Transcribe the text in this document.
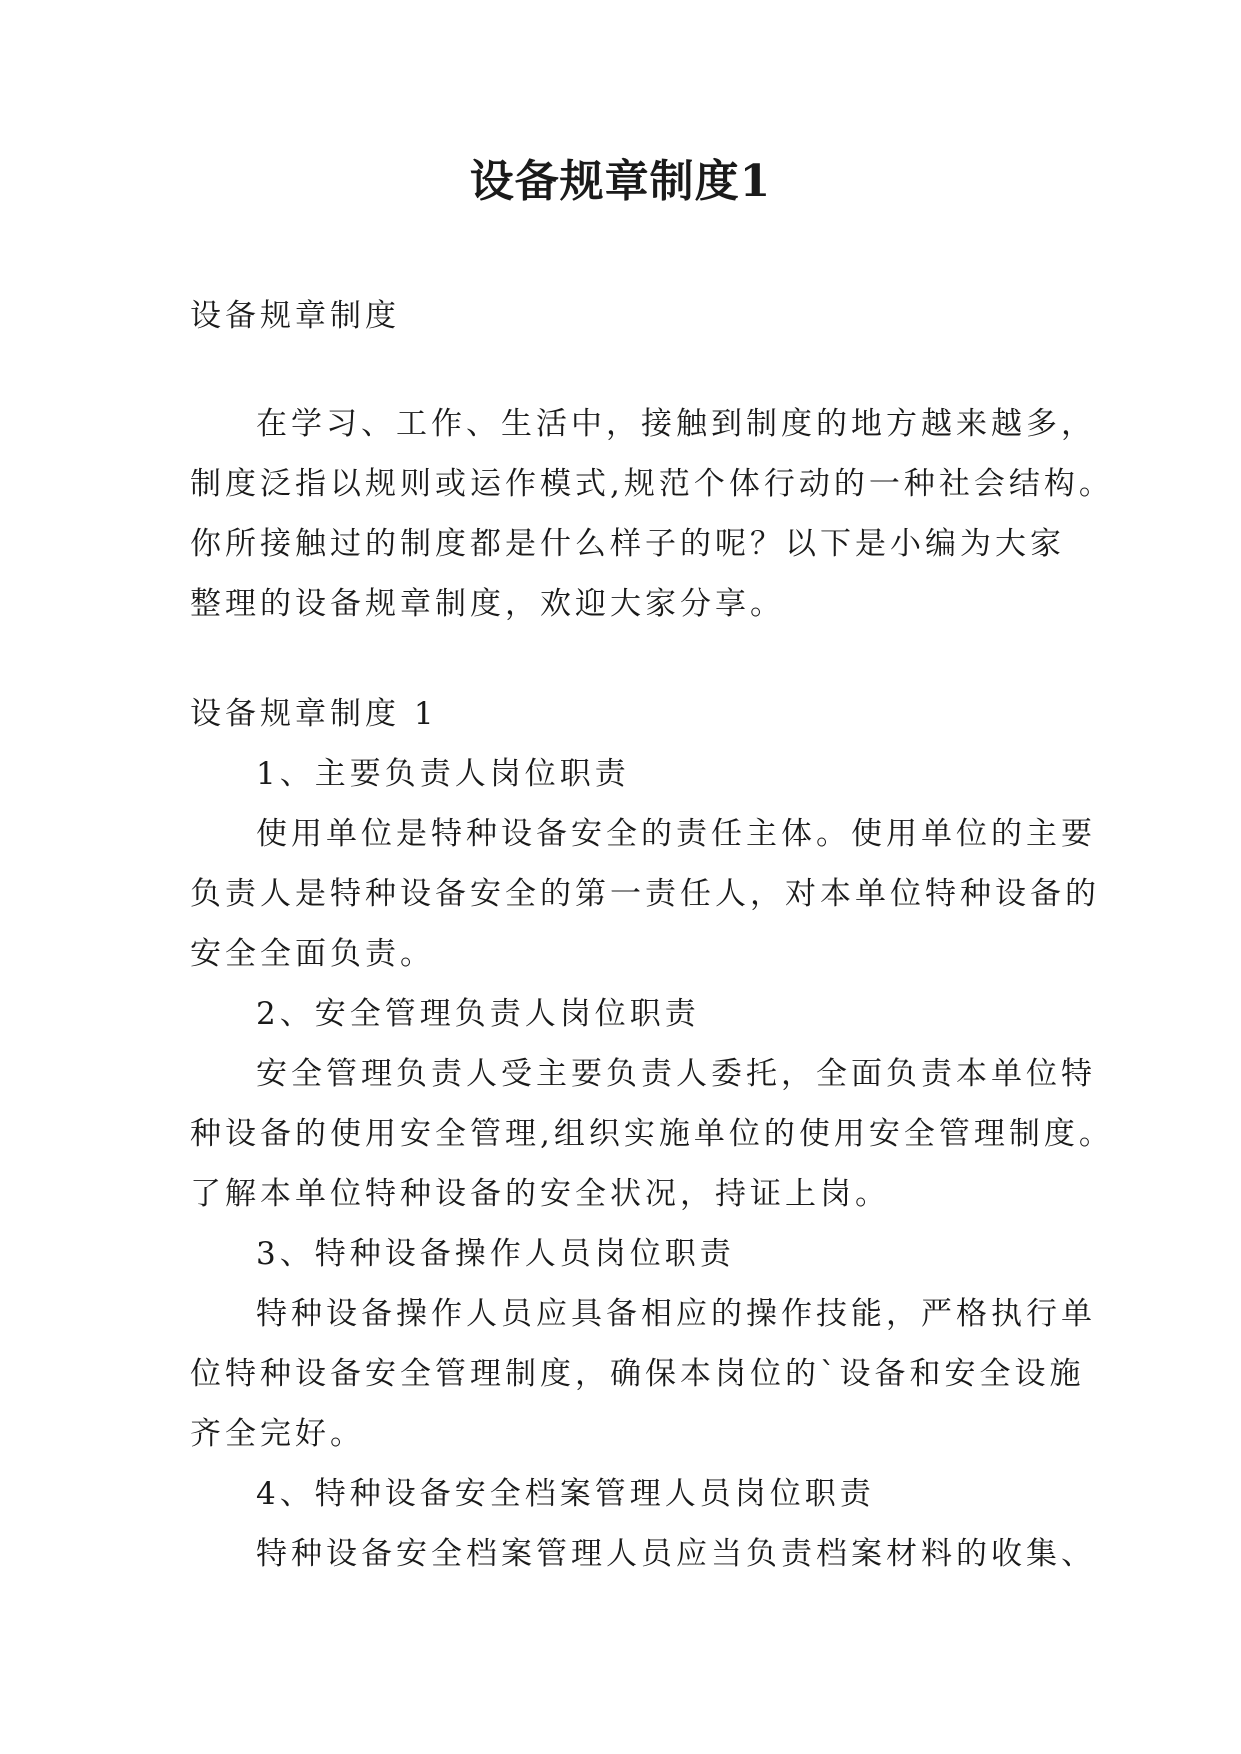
设备规章制度1

设备规章制度

在学习、工作、生活中，接触到制度的地方越来越多，

制度泛指以规则或运作模式,规范个体行动的一种社会结构。

你所接触过的制度都是什么样子的呢？以下是小编为大家

整理的设备规章制度，欢迎大家分享。

设备规章制度 1

1、主要负责人岗位职责

使用单位是特种设备安全的责任主体。使用单位的主要

负责人是特种设备安全的第一责任人，对本单位特种设备的

安全全面负责。

2、安全管理负责人岗位职责

安全管理负责人受主要负责人委托，全面负责本单位特

种设备的使用安全管理,组织实施单位的使用安全管理制度。

了解本单位特种设备的安全状况，持证上岗。

3、特种设备操作人员岗位职责

特种设备操作人员应具备相应的操作技能，严格执行单

位特种设备安全管理制度，确保本岗位的`设备和安全设施

齐全完好。

4、特种设备安全档案管理人员岗位职责

特种设备安全档案管理人员应当负责档案材料的收集、
